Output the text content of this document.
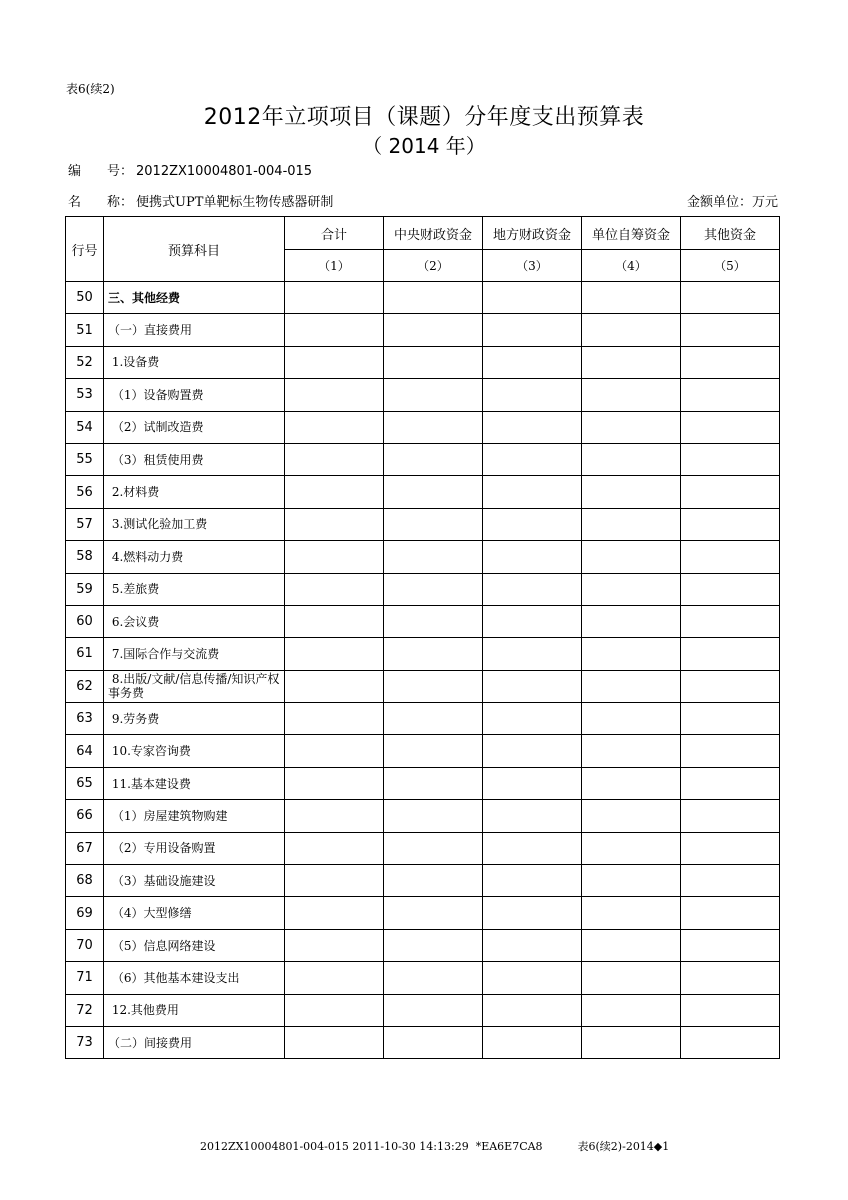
表6(续2)
2012年立项项目（课题）分年度支出预算表
（ 2014 年）
编　　号： 2012ZX10004801-004-015
名　　称： 便携式UPT单靶标生物传感器研制	金额单位：万元
行号	预算科目	合计	中央财政资金	地方财政资金	单位自筹资金	其他资金
		（1）	（2）	（3）	（4）	（5）
50	三、其他经费					
51	（一）直接费用					
52	1.设备费					
53	（1）设备购置费					
54	（2）试制改造费					
55	（3）租赁使用费					
56	2.材料费					
57	3.测试化验加工费					
58	4.燃料动力费					
59	5.差旅费					
60	6.会议费					
61	7.国际合作与交流费					
62	8.出版/文献/信息传播/知识产权事务费					
63	9.劳务费					
64	10.专家咨询费					
65	11.基本建设费					
66	（1）房屋建筑物购建					
67	（2）专用设备购置					
68	（3）基础设施建设					
69	（4）大型修缮					
70	（5）信息网络建设					
71	（6）其他基本建设支出					
72	12.其他费用					
73	（二）间接费用					
2012ZX10004801-004-015 2011-10-30 14:13:29  *EA6E7CA8          表6(续2)-2014◆1
